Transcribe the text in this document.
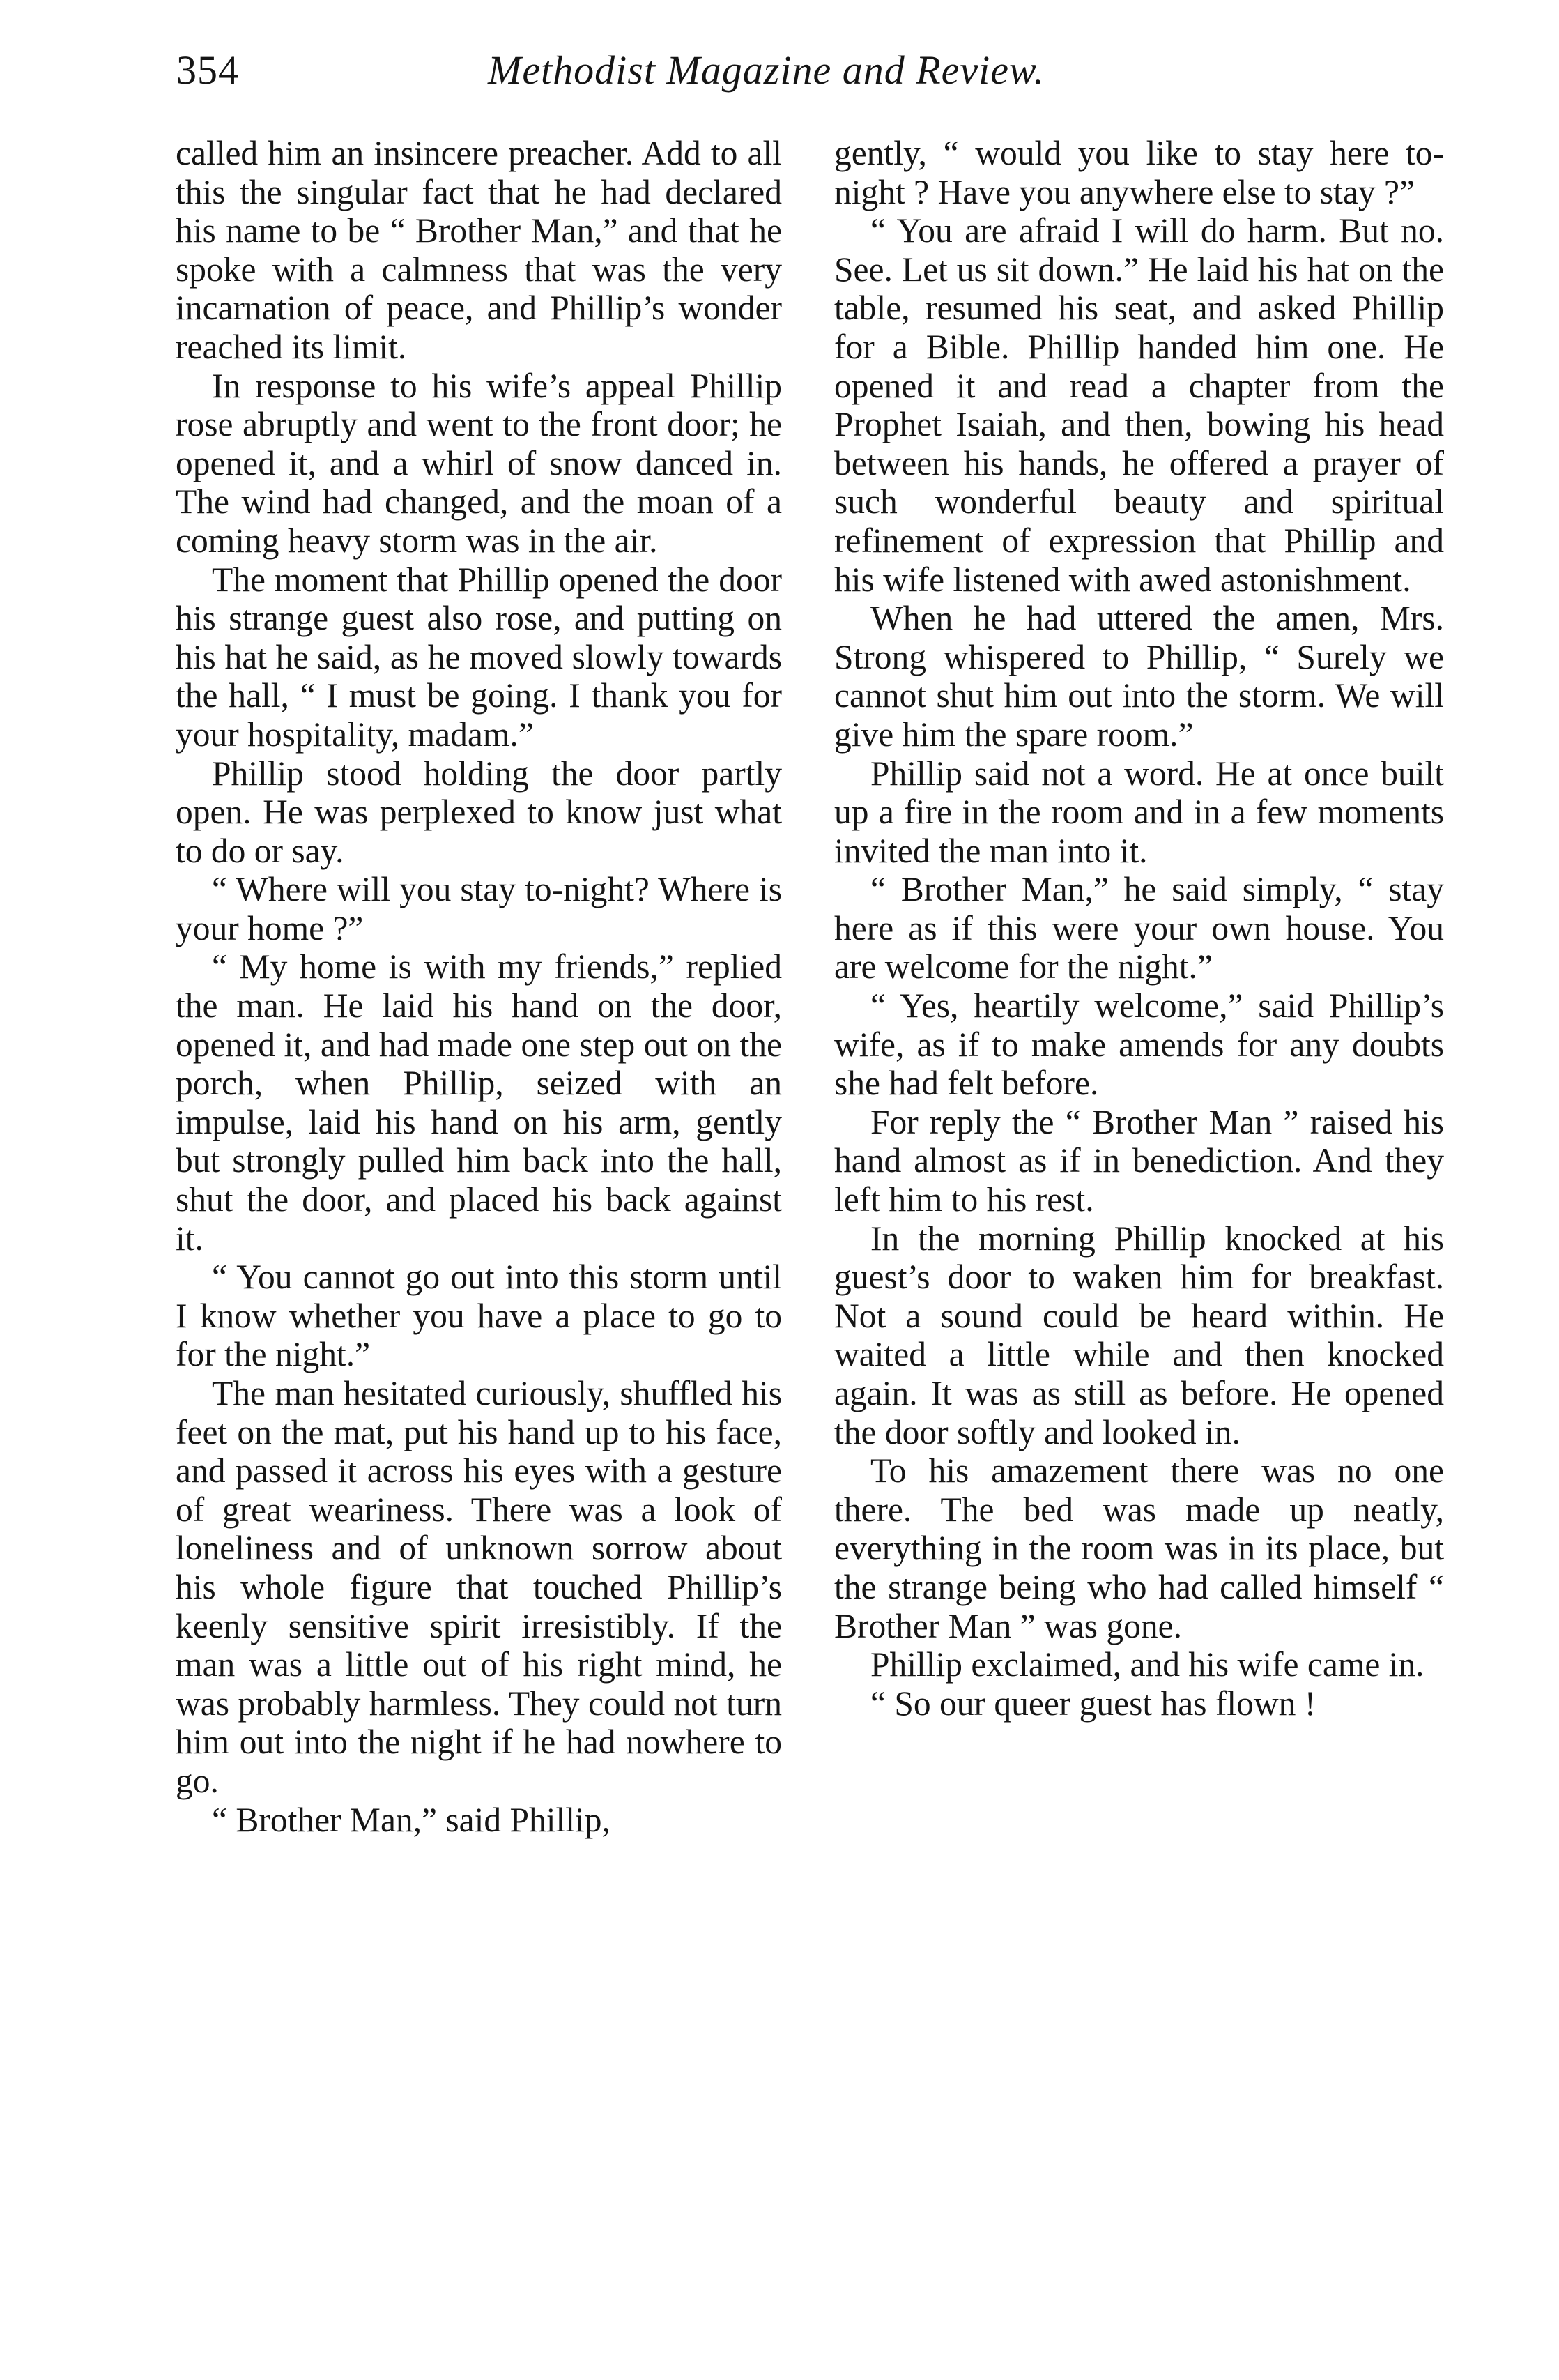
354	Methodist Magazine and Review.

called him an insincere preacher. Add to all this the singular fact that he had declared his name to be “ Brother Man,” and that he spoke with a calmness that was the very incarnation of peace, and Phillip’s wonder reached its limit.

In response to his wife’s appeal Phillip rose abruptly and went to the front door; he opened it, and a whirl of snow danced in. The wind had changed, and the moan of a coming heavy storm was in the air.

The moment that Phillip opened the door his strange guest also rose, and putting on his hat he said, as he moved slowly towards the hall, “ I must be going. I thank you for your hospitality, madam.”

Phillip stood holding the door partly open. He was perplexed to know just what to do or say.

“ Where will you stay to-night? Where is your home ?”

“ My home is with my friends,” replied the man. He laid his hand on the door, opened it, and had made one step out on the porch, when Phillip, seized with an impulse, laid his hand on his arm, gently but strongly pulled him back into the hall, shut the door, and placed his back against it.

“ You cannot go out into this storm until I know whether you have a place to go to for the night.”

The man hesitated curiously, shuffled his feet on the mat, put his hand up to his face, and passed it across his eyes with a gesture of great weariness. There was a look of loneliness and of unknown sorrow about his whole figure that touched Phillip’s keenly sensitive spirit irresistibly. If the man was a little out of his right mind, he was probably harmless. They could not turn him out into the night if he had nowhere to go.

“ Brother Man,” said Phillip,

gently, “ would you like to stay here to-night ? Have you anywhere else to stay ?”

“ You are afraid I will do harm. But no. See. Let us sit down.” He laid his hat on the table, resumed his seat, and asked Phillip for a Bible. Phillip handed him one. He opened it and read a chapter from the Prophet Isaiah, and then, bowing his head between his hands, he offered a prayer of such wonderful beauty and spiritual refinement of expression that Phillip and his wife listened with awed astonishment.

When he had uttered the amen, Mrs. Strong whispered to Phillip, “ Surely we cannot shut him out into the storm. We will give him the spare room.”

Phillip said not a word. He at once built up a fire in the room and in a few moments invited the man into it.

“ Brother Man,” he said simply, “ stay here as if this were your own house. You are welcome for the night.”

“ Yes, heartily welcome,” said Phillip’s wife, as if to make amends for any doubts she had felt before.

For reply the “ Brother Man ” raised his hand almost as if in benediction. And they left him to his rest.

In the morning Phillip knocked at his guest’s door to waken him for breakfast. Not a sound could be heard within. He waited a little while and then knocked again. It was as still as before. He opened the door softly and looked in.

To his amazement there was no one there. The bed was made up neatly, everything in the room was in its place, but the strange being who had called himself “ Brother Man ” was gone.

Phillip exclaimed, and his wife came in.

“ So our queer guest has flown !
